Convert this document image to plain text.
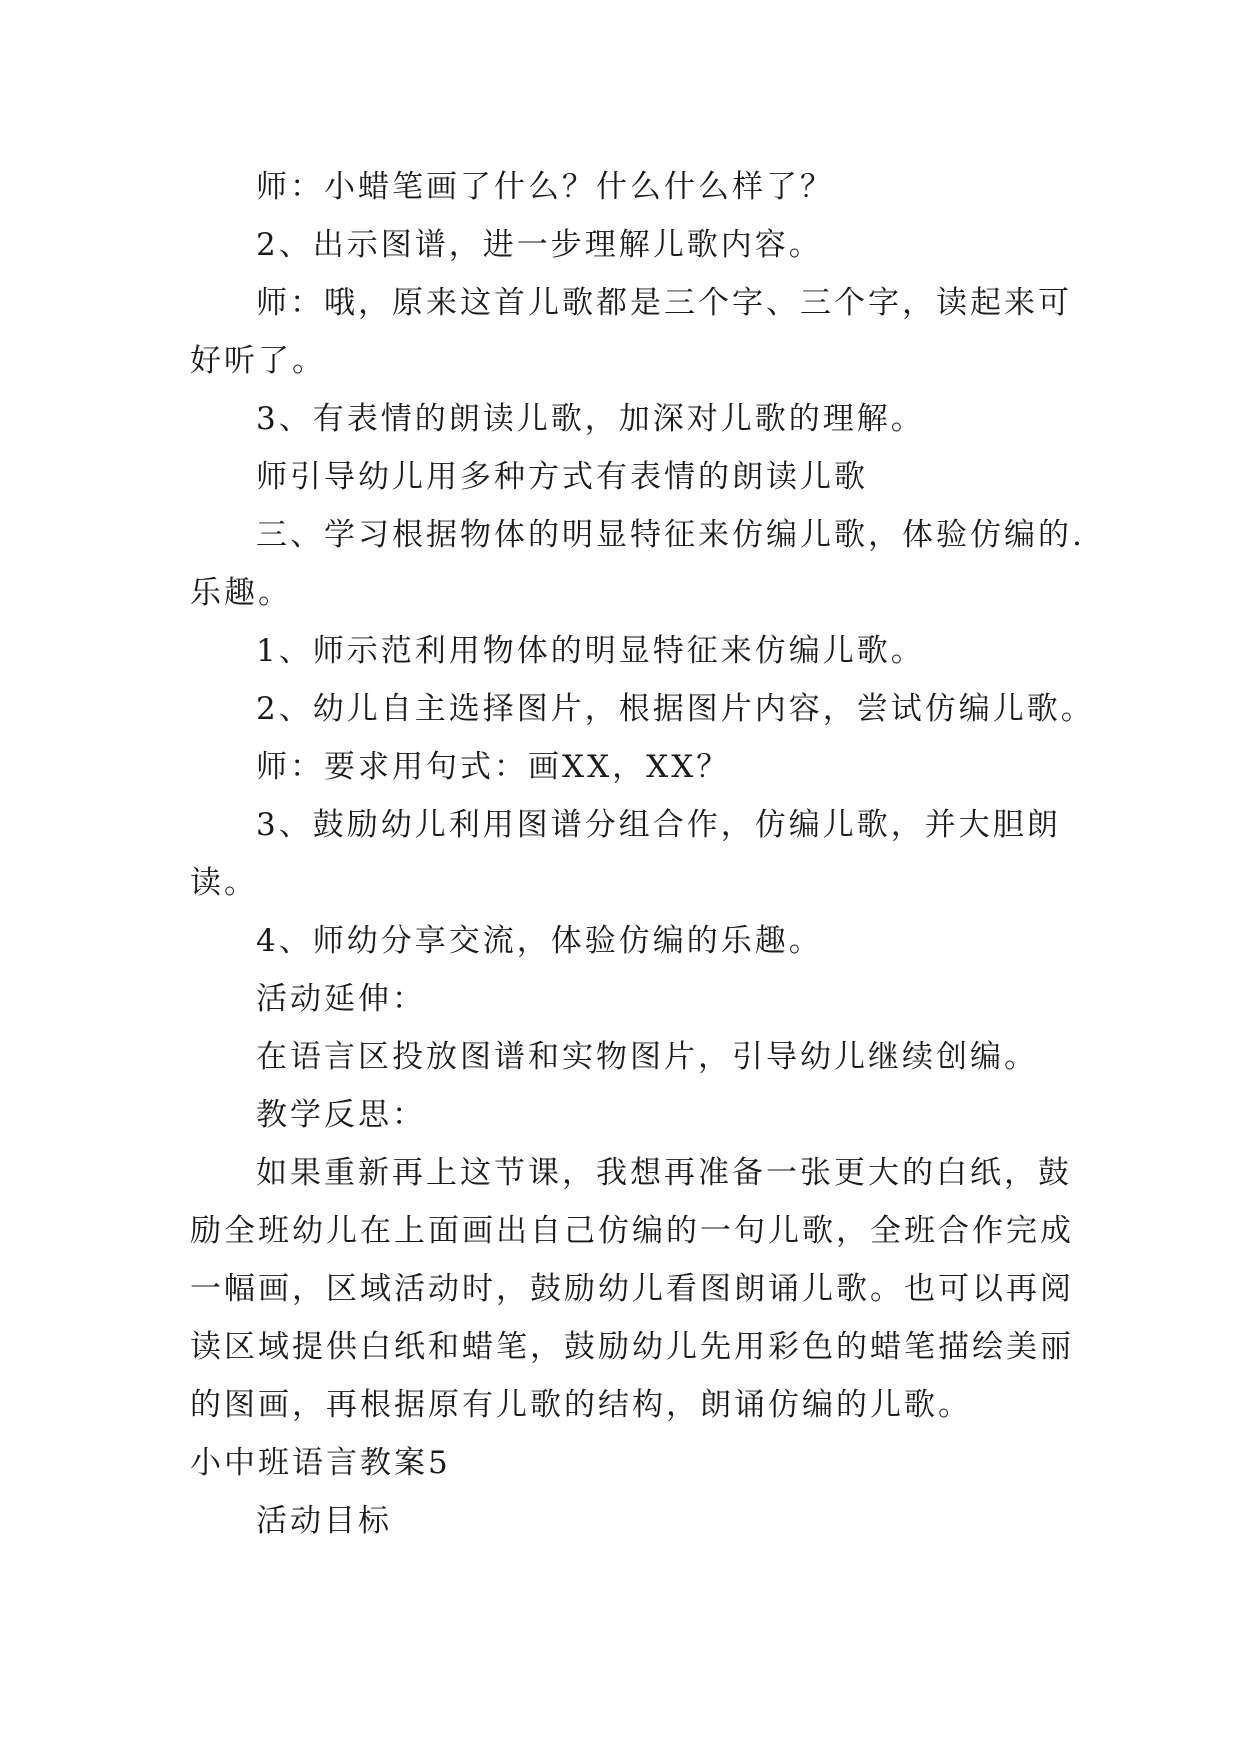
师：小蜡笔画了什么？什么什么样了？

2、出示图谱，进一步理解儿歌内容。

师：哦，原来这首儿歌都是三个字、三个字，读起来可
好听了。

3、有表情的朗读儿歌，加深对儿歌的理解。

师引导幼儿用多种方式有表情的朗读儿歌

三、学习根据物体的明显特征来仿编儿歌，体验仿编的.
乐趣。

1、师示范利用物体的明显特征来仿编儿歌。

2、幼儿自主选择图片，根据图片内容，尝试仿编儿歌。

师：要求用句式：画XX，XX？

3、鼓励幼儿利用图谱分组合作，仿编儿歌，并大胆朗
读。

4、师幼分享交流，体验仿编的乐趣。

活动延伸：

在语言区投放图谱和实物图片，引导幼儿继续创编。

教学反思：

如果重新再上这节课，我想再准备一张更大的白纸，鼓
励全班幼儿在上面画出自己仿编的一句儿歌，全班合作完成
一幅画，区域活动时，鼓励幼儿看图朗诵儿歌。也可以再阅
读区域提供白纸和蜡笔，鼓励幼儿先用彩色的蜡笔描绘美丽
的图画，再根据原有儿歌的结构，朗诵仿编的儿歌。

小中班语言教案5

活动目标
